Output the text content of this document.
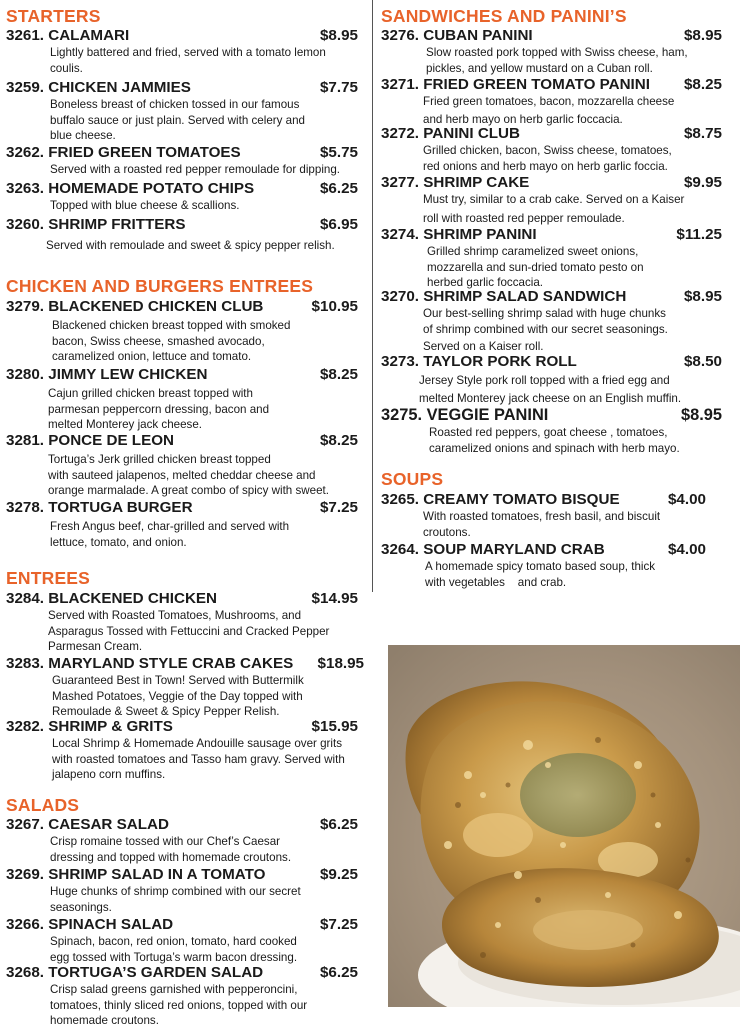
STARTERS
3261. CALAMARI	$8.95

Lightly battered and fried, served with a tomato lemon

coulis.

3259. CHICKEN JAMMIES	$7.75

Boneless breast of chicken tossed in our famous

buffalo sauce or just plain. Served with celery and

blue cheese.

3262. FRIED GREEN TOMATOES	$5.75

Served with a roasted red pepper remoulade for dipping.

3263. HOMEMADE POTATO CHIPS	$6.25

Topped with blue cheese & scallions.

3260. SHRIMP FRITTERS	$6.95

Served with remoulade and sweet & spicy pepper relish.

CHICKEN AND BURGERS ENTREES
3279. BLACKENED CHICKEN CLUB	$10.95

Blackened chicken breast topped with smoked

bacon, Swiss cheese, smashed avocado,

caramelized onion, lettuce and tomato.

3280. JIMMY LEW CHICKEN	$8.25

Cajun grilled chicken breast topped with

parmesan peppercorn dressing, bacon and

melted Monterey jack cheese.

3281. PONCE DE LEON	$8.25

Tortuga’s Jerk grilled chicken breast topped

with sauteed jalapenos, melted cheddar cheese and

orange marmalade. A great combo of spicy with sweet.

3278. TORTUGA BURGER	$7.25

Fresh Angus beef, char-grilled and served with

lettuce, tomato, and onion.

ENTREES
3284. BLACKENED CHICKEN	$14.95

Served with Roasted Tomatoes, Mushrooms, and

Asparagus Tossed with Fettuccini and Cracked Pepper

Parmesan Cream.

3283. MARYLAND STYLE CRAB CAKES $18.95

Guaranteed Best in Town! Served with Buttermilk

Mashed Potatoes, Veggie of the Day topped with

Remoulade & Sweet & Spicy Pepper Relish.

3282. SHRIMP & GRITS	$15.95

Local Shrimp & Homemade Andouille sausage over grits

with roasted tomatoes and Tasso ham gravy. Served with

jalapeno corn muffins.

SALADS
3267. CAESAR SALAD	$6.25

Crisp romaine tossed with our Chef’s Caesar

dressing and topped with homemade croutons.

3269. SHRIMP SALAD IN A TOMATO	$9.25

Huge chunks of shrimp combined with our secret

seasonings.

3266. SPINACH SALAD	$7.25

Spinach, bacon, red onion, tomato, hard cooked

egg tossed with Tortuga’s warm bacon dressing.

3268. TORTUGA’S GARDEN SALAD	$6.25

Crisp salad greens garnished with pepperoncini,

tomatoes, thinly sliced red onions, topped with our

homemade croutons.

SANDWICHES AND PANINI’S
3276. CUBAN PANINI	$8.95

Slow roasted pork topped with Swiss cheese, ham,

pickles, and yellow mustard on a Cuban roll.

3271. FRIED GREEN TOMATO PANINI $8.25

Fried green tomatoes, bacon, mozzarella cheese

and herb mayo on herb garlic foccacia.

3272. PANINI CLUB	$8.75

Grilled chicken, bacon, Swiss cheese, tomatoes,

red onions and herb mayo on herb garlic foccia.

3277. SHRIMP CAKE	$9.95

Must try, similar to a crab cake. Served on a Kaiser

roll with roasted red pepper remoulade.

3274. SHRIMP PANINI	$11.25

Grilled shrimp caramelized sweet onions,

mozzarella and sun-dried tomato pesto on

herbed garlic foccacia.

3270. SHRIMP SALAD SANDWICH	$8.95

Our best-selling shrimp salad with huge chunks

of shrimp combined with our secret seasonings.

Served on a Kaiser roll.

3273. TAYLOR PORK ROLL	$8.50

Jersey Style pork roll topped with a fried egg and

melted Monterey jack cheese on an English muffin.

3275. VEGGIE PANINI	$8.95

Roasted red peppers, goat cheese , tomatoes,

caramelized onions and spinach with herb mayo.

SOUPS
3265. CREAMY TOMATO BISQUE	$4.00

With roasted tomatoes, fresh basil, and biscuit

croutons.

3264. SOUP MARYLAND CRAB	$4.00

A homemade spicy tomato based soup, thick

with vegetables    and crab.
